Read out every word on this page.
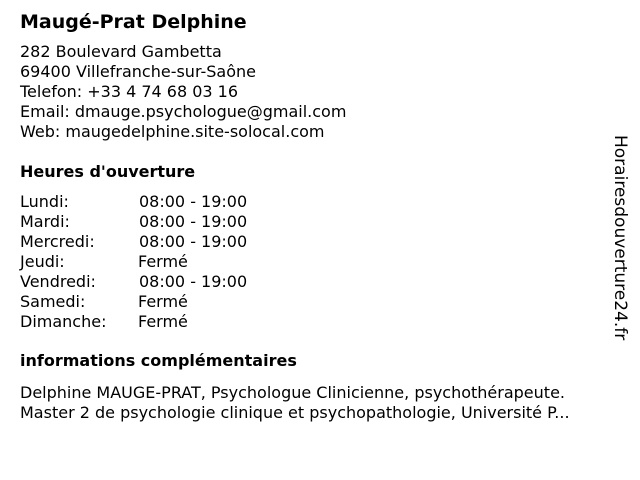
Maugé-Prat Delphine
282 Boulevard Gambetta
69400 Villefranche-sur-Saône
Telefon: +33 4 74 68 03 16
Email: dmauge.psychologue@gmail.com
Web: maugedelphine.site-solocal.com
Heures d'ouverture
Lundi:	08:00 - 19:00
Mardi:	08:00 - 19:00
Mercredi:	08:00 - 19:00
Jeudi:	Fermé
Vendredi:	08:00 - 19:00
Samedi:	Fermé
Dimanche:	Fermé
informations complémentaires
Delphine MAUGE-PRAT, Psychologue Clinicienne, psychothérapeute.
Master 2 de psychologie clinique et psychopathologie, Université P...
Horairesdouverture24.fr
